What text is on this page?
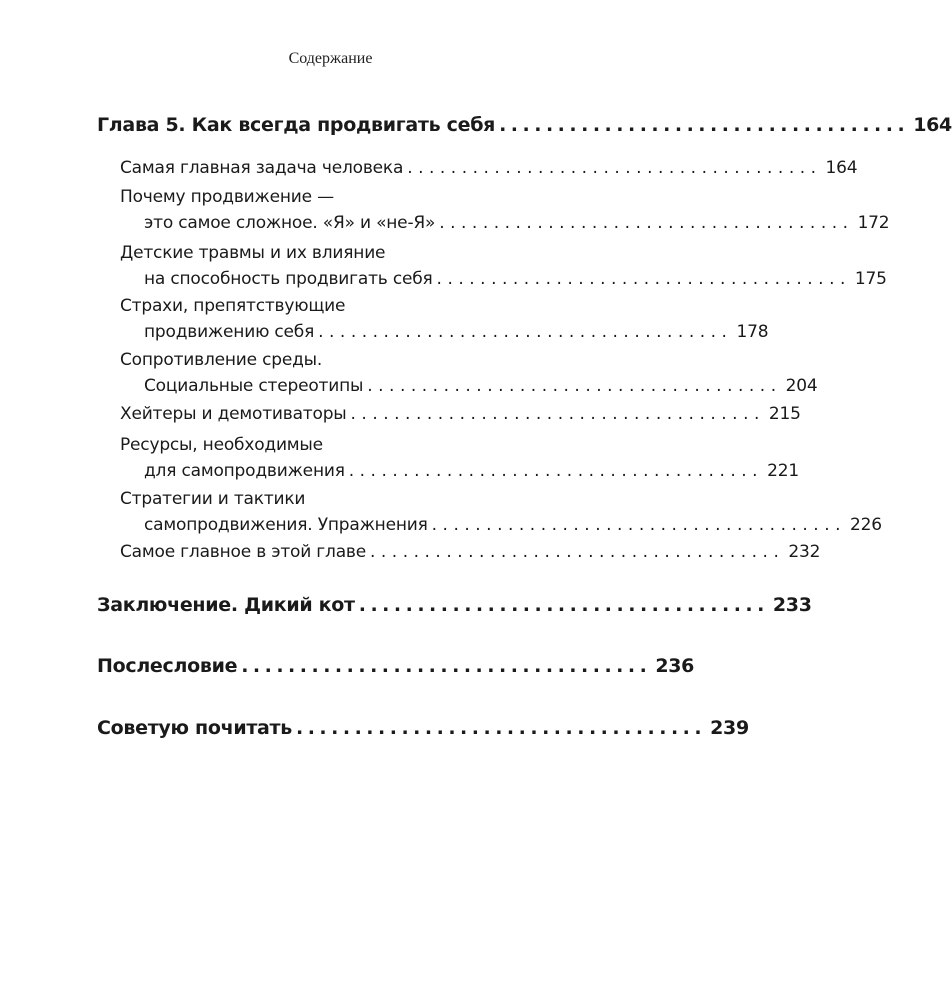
Содержание
Глава 5. Как всегда продвигать себя ................................... 164
Самая главная задача человека ...................................... 164
Почему продвижение —
это самое сложное. «Я» и «не-Я» ...................................... 172
Детские травмы и их влияние
на способность продвигать себя ...................................... 175
Страхи, препятствующие
продвижению себя ...................................... 178
Сопротивление среды.
Социальные стереотипы ...................................... 204
Хейтеры и демотиваторы ...................................... 215
Ресурсы, необходимые
для самопродвижения ...................................... 221
Стратегии и тактики
самопродвижения. Упражнения ...................................... 226
Самое главное в этой главе ...................................... 232
Заключение. Дикий кот ................................... 233
Послесловие ................................... 236
Советую почитать ................................... 239
